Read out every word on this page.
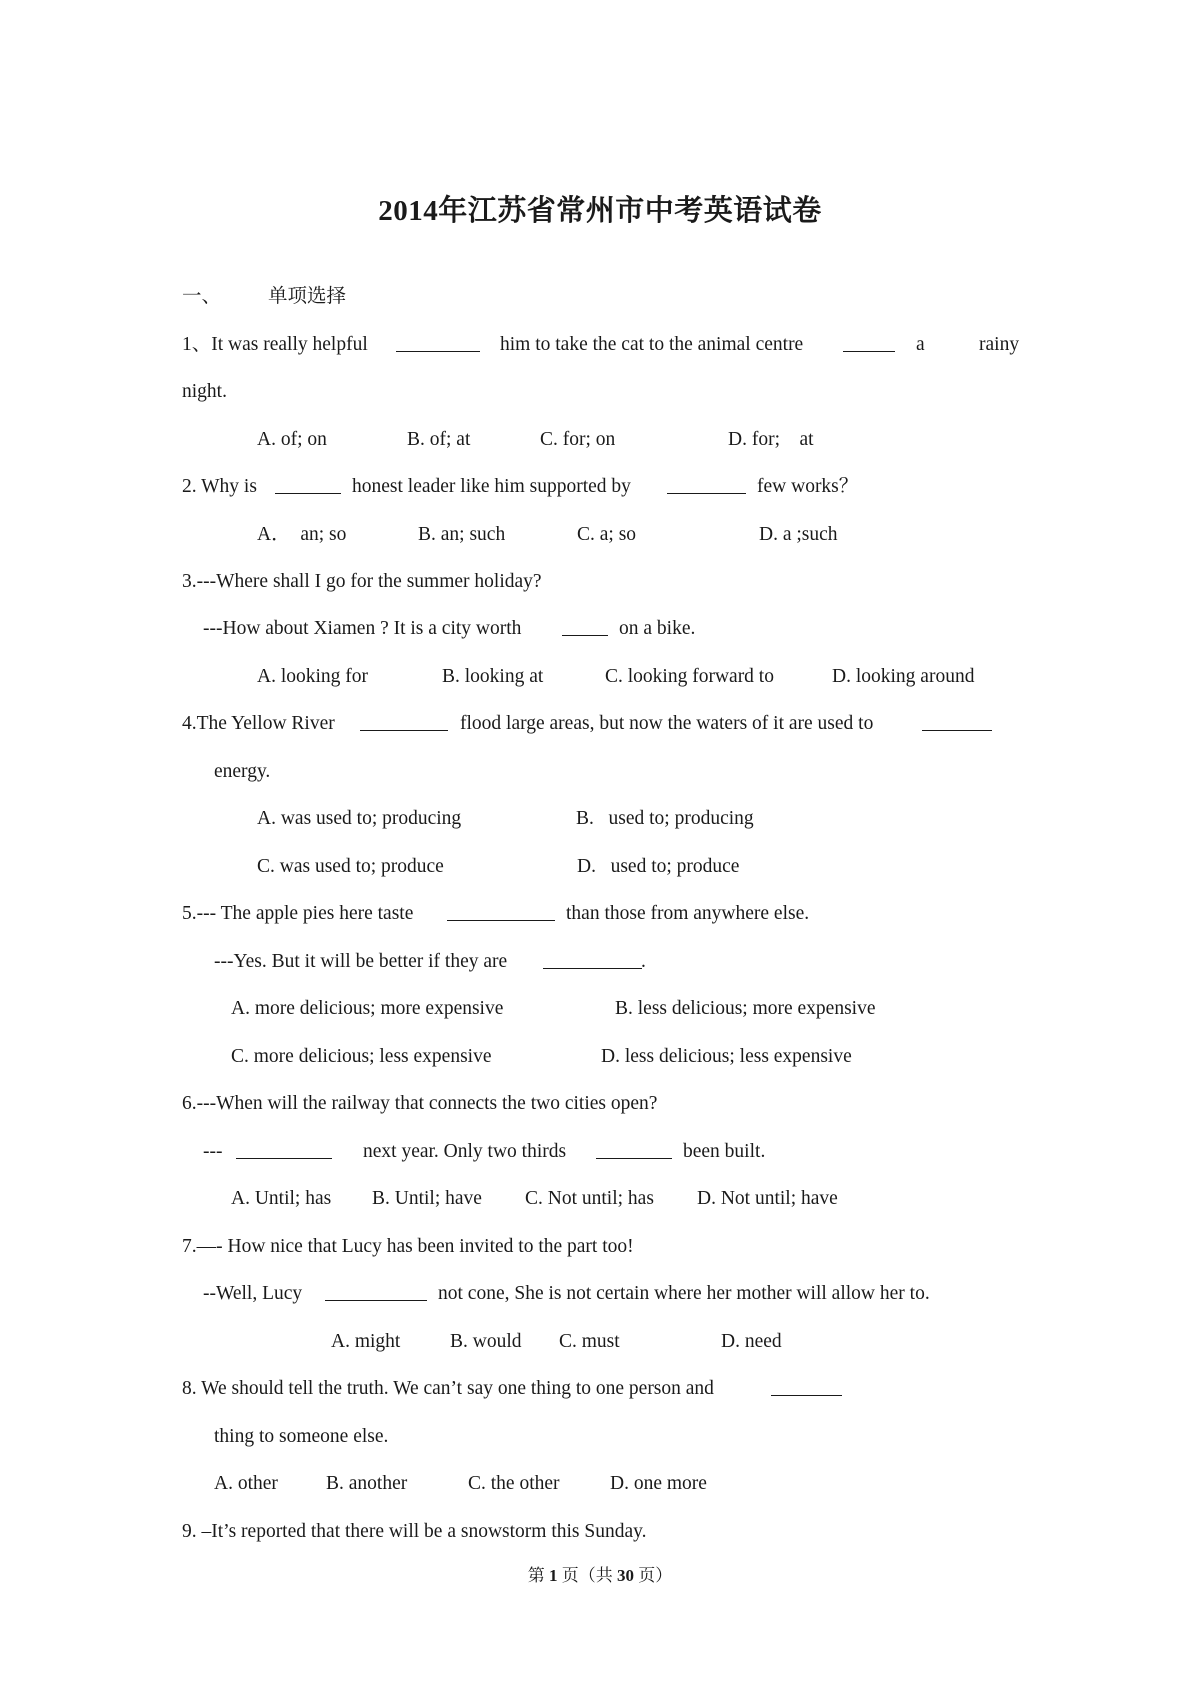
2014年江苏省常州市中考英语试卷
一、 单项选择
1、It was really helpful	him to take the cat to the animal centre	a	rainy
night.
A. of; on	B. of; at	C. for; on	D. for;    at
2. Why is	honest leader like him supported by	few works？
A．  an; so	B. an; such	C. a; so	D. a ;such
3.---Where shall I go for the summer holiday?
---How about Xiamen ? It is a city worth	on a bike.
A. looking for	B. looking at	C. looking forward to	D. looking around
4.The Yellow River	flood large areas, but now the waters of it are used to
energy.
A. was used to; producing	B.   used to; producing
C. was used to; produce	D.   used to; produce
5.--- The apple pies here taste	than those from anywhere else.
---Yes. But it will be better if they are	.
A. more delicious; more expensive	B. less delicious; more expensive
C. more delicious; less expensive	D. less delicious; less expensive
6.---When will the railway that connects the two cities open?
---	next year. Only two thirds	been built.
A. Until; has B. Until; have C. Not until; has D. Not until; have
7.—- How nice that Lucy has been invited to the part too!
--Well, Lucy	not cone, She is not certain where her mother will allow her to.
A. might	B. would C. must	D. need
8. We should tell the truth. We can’t say one thing to one person and
thing to someone else.
A. other B. another	C. the other	D. one more
9. –It’s reported that there will be a snowstorm this Sunday.
第 1 页（共 30 页）
